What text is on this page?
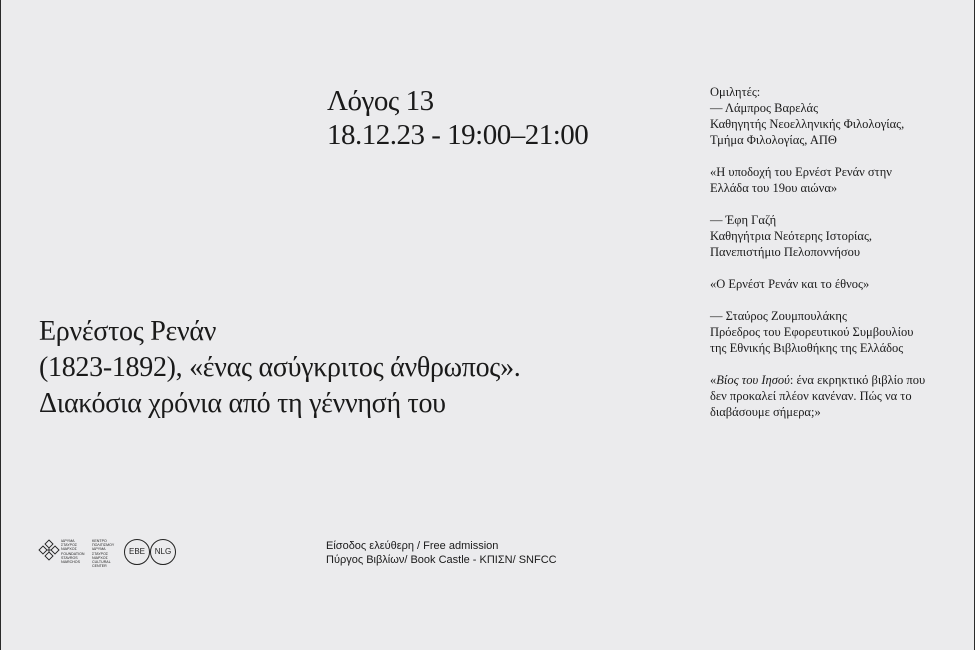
Λόγος 13
18.12.23 - 19:00–21:00
Ερνέστος Ρενάν
(1823-1892), «ένας ασύγκριτος άνθρωπος».
Διακόσια χρόνια από τη γέννησή του
Ομιλητές:
— Λάμπρος Βαρελάς
Καθηγητής Νεοελληνικής Φιλολογίας,
Τμήμα Φιλολογίας, ΑΠΘ
«Η υποδοχή του Ερνέστ Ρενάν στην
Ελλάδα του 19ου αιώνα»
— Έφη Γαζή
Καθηγήτρια Νεότερης Ιστορίας,
Πανεπιστήμιο Πελοποννήσου
«Ο Ερνέστ Ρενάν και το έθνος»
— Σταύρος Ζουμπουλάκης
Πρόεδρος του Εφορευτικού Συμβουλίου
της Εθνικής Βιβλιοθήκης της Ελλάδος
«Βίος του Ιησού: ένα εκρηκτικό βιβλίο που
δεν προκαλεί πλέον κανέναν. Πώς να το
διαβάσουμε σήμερα;»
ΙΔΡΥΜΑ
ΣΤΑΥΡΟΣ
ΝΙΑΡΧΟΣ
FOUNDATION
STAVROS
NIARCHOS
ΚΕΝΤΡΟ
ΠΟΛΙΤΙΣΜΟΥ
ΙΔΡΥΜΑ
ΣΤΑΥΡΟΣ
ΝΙΑΡΧΟΣ
CULTURAL
CENTER
EBE	NLG	Είσοδος ελεύθερη / Free admission
Πύργος Βιβλίων/ Book Castle - ΚΠΙΣΝ/ SNFCC
